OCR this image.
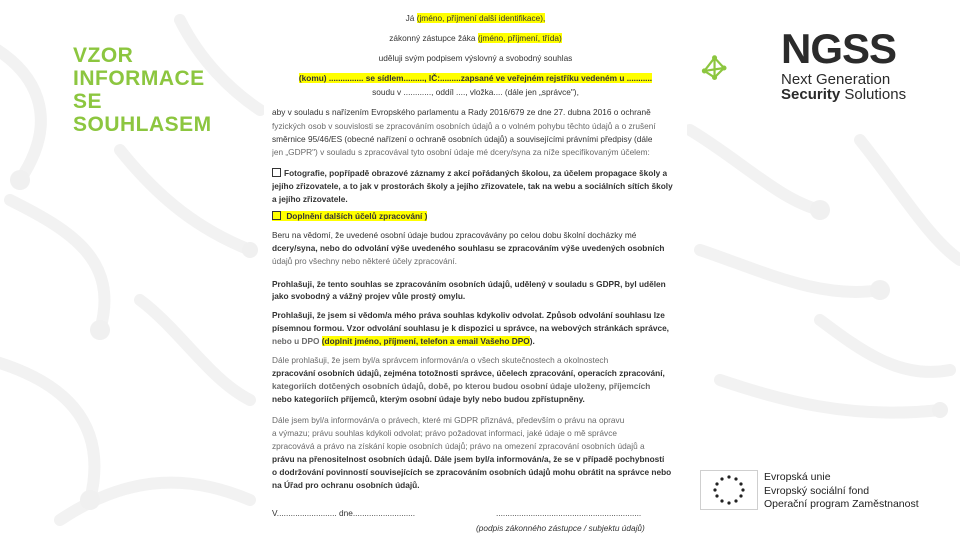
VZOR
INFORMACE
SE
SOUHLASEM
Já (jméno, příjmení další identifikace),
zákonný zástupce žáka (jméno, příjmení, třída)
uděluji svým podpisem výslovný a svobodný souhlas
(komu) ............... se sídlem........., IČ:.........zapsané ve veřejném rejstříku vedeném u ...........
soudu v ............, oddíl ...., vložka.... (dále jen „správce"),
aby v souladu s nařízením Evropského parlamentu a Rady 2016/679 ze dne 27. dubna 2016 o ochraně
fyzických osob v souvislosti se zpracováním osobních údajů a o volném pohybu těchto údajů a o zrušení
směrnice 95/46/ES (obecné nařízení o ochraně osobních údajů) a souvisejícími právními předpisy (dále
jen „GDPR") v souladu s zpracovával tyto osobní údaje mé dcery/syna za níže specifikovaným účelem:
Fotografie, popřípadě obrazové záznamy z akcí pořádaných školou, za účelem propagace školy a
jejího zřizovatele, a to jak v prostorách školy a jejího zřizovatele, tak na webu a sociálních sítích školy
a jejího zřizovatele.
Doplnění dalších účelů zpracování )
Beru na vědomí, že uvedené osobní údaje budou zpracovávány po celou dobu školní docházky mé
dcery/syna, nebo do odvolání výše uvedeného souhlasu se zpracováním výše uvedených osobních
údajů pro všechny nebo některé účely zpracování.
Prohlašuji, že tento souhlas se zpracováním osobních údajů, udělený v souladu s GDPR, byl udělen
jako svobodný a vážný projev vůle prostý omylu.
Prohlašuji, že jsem si vědom/a mého práva souhlas kdykoliv odvolat. Způsob odvolání souhlasu lze
písemnou formou. Vzor odvolání souhlasu je k dispozici u správce, na webových stránkách správce,
nebo u DPO (doplnit jméno, příjmení, telefon a email Vašeho DPO).
Dále prohlašuji, že jsem byl/a správcem informován/a o všech skutečnostech a okolnostech
zpracování osobních údajů, zejména totožnosti správce, účelech zpracování, operacích zpracování,
kategoriích dotčených osobních údajů, době, po kterou budou osobní údaje uloženy, příjemcích
nebo kategoriích příjemců, kterým osobní údaje byly nebo budou zpřístupněny.
Dále jsem byl/a informován/a o právech, které mi GDPR přiznává, především o právu na opravu
a výmazu; právu souhlas kdykoli odvolat; právo požadovat informaci, jaké údaje o mě správce
zpracovává a právo na získání kopie osobních údajů; právo na omezení zpracování osobních údajů a
právu na přenositelnost osobních údajů. Dále jsem byl/a informován/a, že se v případě pochybností
o dodržování povinností souvisejících se zpracováním osobních údajů mohu obrátit na správce nebo
na Úřad pro ochranu osobních údajů.
V.......................... dne...........................	...............................................................
(podpis zákonného zástupce / subjektu údajů)
NGSS
Next Generation
Security Solutions
Evropská unie
Evropský sociální fond
Operační program Zaměstnanost
